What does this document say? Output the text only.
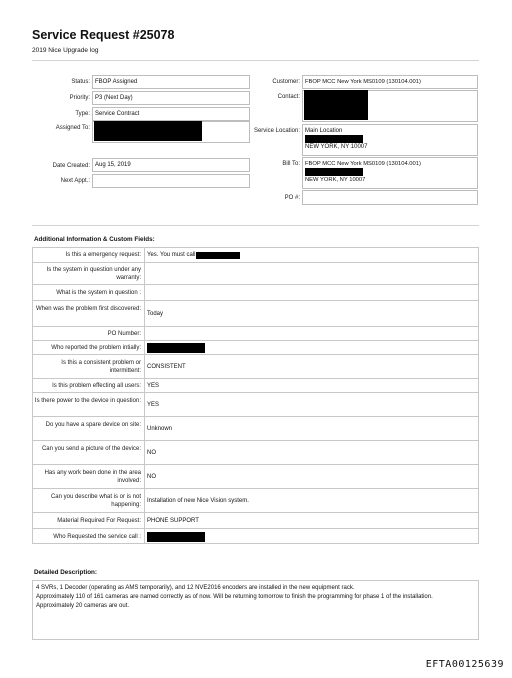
Service Request #25078
2019 Nice Upgrade log
Status: FBOP Assigned
Priority: P3 (Next Day)
Type: Service Contract
Assigned To:
Date Created: Aug 15, 2019
Next Appt.:
Customer: FBOP MCC New York MS0109 (130104.001)
Contact:
Service Location: Main Location
NEW YORK, NY 10007
Bill To: FBOP MCC New York MS0109 (130104.001)
NEW YORK, NY 10007
PO #:
Additional Information & Custom Fields:
Is this a emergency request:	Yes. You must call
Is the system in question under any warranty:
What is the system in question :
When was the problem first discovered:
Today
PO Number:
Who reported the problem intially:
Is this a consistent problem or intermittent:
CONSISTENT
Is this problem effecting all users:	YES
Is there power to the device in question:
YES
Do you have a spare device on site:
Unknown
Can you send a picture of the device:
NO
Has any work been done in the area involved:
NO
Can you describe what is or is not happening:
Installation of new Nice Vision system.
Material Required For Request:	PHONE SUPPORT
Who Requested the service call :
Detailed Description:

4 SVRs, 1 Decoder (operating as AMS temporarily), and 12 NVE2016 encoders are installed in the new equipment rack.

Approximately 110 of 161 cameras are named correctly as of now. Will be returning tomorrow to finish the programming for phase 1 of the installation.

Approximately 20 cameras are out.

EFTA00125639
